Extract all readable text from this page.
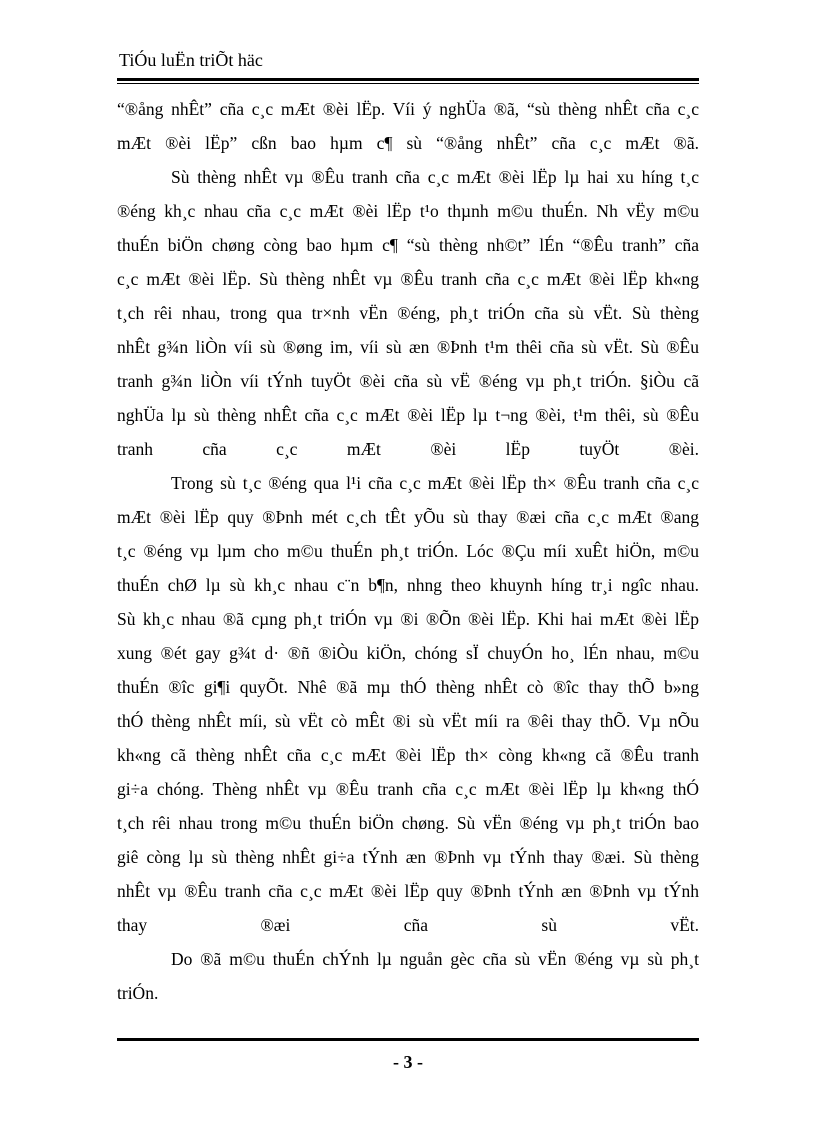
TiÓu luËn triÕt häc

“®ång nhÊt” cña c¸c mÆt ®èi lËp. Víi ý nghÜa ®ã, “sù thèng nhÊt cña c¸c
mÆt ®èi lËp” cßn bao hµm c¶ sù “®ång nhÊt” cña c¸c mÆt ®ã.

Sù thèng nhÊt vµ ®Êu tranh cña c¸c mÆt ®èi lËp lµ hai xu híng t¸c
®éng kh¸c nhau cña c¸c mÆt ®èi lËp t¹o thµnh m©u thuÉn. Nh vËy m©u
thuÉn biÖn chøng còng bao hµm c¶ “sù thèng nh©t” lÉn “®Êu tranh” cña
c¸c mÆt ®èi lËp. Sù thèng nhÊt vµ ®Êu tranh cña c¸c mÆt ®èi lËp kh«ng
t¸ch rêi nhau, trong qua tr×nh vËn ®éng, ph¸t triÓn cña sù vËt. Sù thèng
nhÊt g¾n liÒn víi sù ®øng im, víi sù æn ®Þnh t¹m thêi cña sù vËt. Sù ®Êu
tranh g¾n liÒn víi tÝnh tuyÖt ®èi cña sù vË ®éng vµ ph¸t triÓn. §iÒu cã
nghÜa lµ sù thèng nhÊt cña c¸c mÆt ®èi lËp lµ t¬ng ®èi, t¹m thêi, sù ®Êu
tranh cña c¸c mÆt ®èi lËp tuyÖt ®èi.

Trong sù t¸c ®éng qua l¹i cña c¸c mÆt ®èi lËp th× ®Êu tranh cña c¸c
mÆt ®èi lËp quy ®Þnh mét c¸ch tÊt yÕu sù thay ®æi cña c¸c mÆt ®ang
t¸c ®éng vµ lµm cho m©u thuÉn ph¸t triÓn. Lóc ®Çu míi xuÊt hiÖn, m©u
thuÉn chØ lµ sù kh¸c nhau c¨n b¶n, nhng theo khuynh híng tr¸i ngîc nhau.
Sù kh¸c nhau ®ã cµng ph¸t triÓn vµ ®i ®Õn ®èi lËp. Khi hai mÆt ®èi lËp
xung ®ét gay g¾t d· ®ñ ®iÒu kiÖn, chóng sÏ chuyÓn ho¸ lÉn nhau, m©u
thuÉn ®îc gi¶i quyÕt. Nhê ®ã mµ thÓ thèng nhÊt cò ®îc thay thÕ b»ng
thÓ thèng nhÊt míi, sù vËt cò mÊt ®i sù vËt míi ra ®êi thay thÕ. Vµ nÕu
kh«ng cã thèng nhÊt cña c¸c mÆt ®èi lËp th× còng kh«ng cã ®Êu tranh
gi÷a chóng. Thèng nhÊt vµ ®Êu tranh cña c¸c mÆt ®èi lËp lµ kh«ng thÓ
t¸ch rêi nhau trong m©u thuÉn biÖn chøng. Sù vËn ®éng vµ ph¸t triÓn bao
giê còng lµ sù thèng nhÊt gi÷a tÝnh æn ®Þnh vµ tÝnh thay ®æi. Sù thèng
nhÊt vµ ®Êu tranh cña c¸c mÆt ®èi lËp quy ®Þnh tÝnh æn ®Þnh vµ tÝnh
thay ®æi cña sù vËt.

Do ®ã m©u thuÉn chÝnh lµ nguån gèc cña sù vËn ®éng vµ sù ph¸t
triÓn.

- 3 -
